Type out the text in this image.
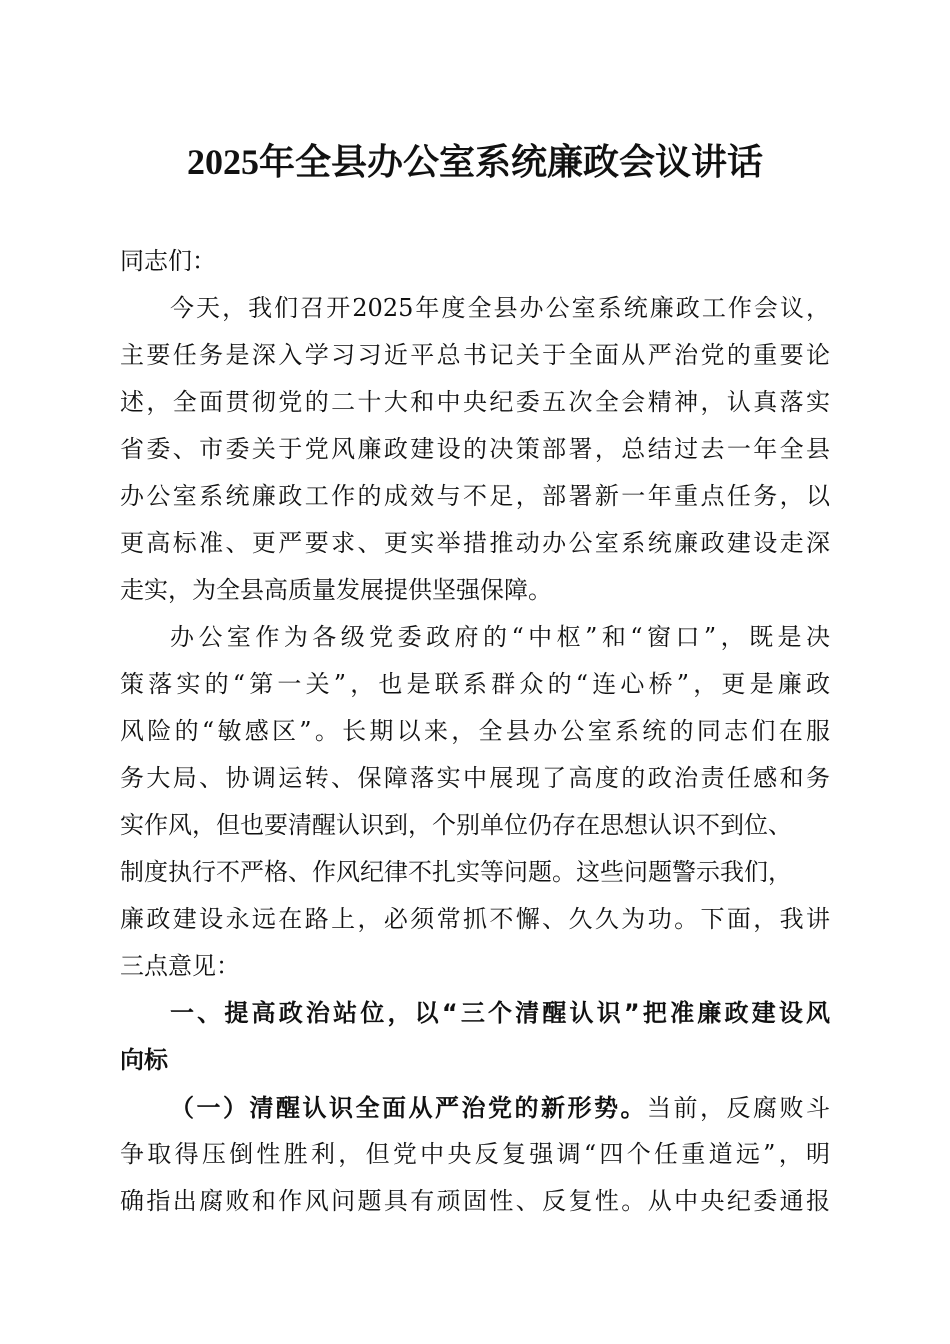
2025年全县办公室系统廉政会议讲话
同志们：
今天，我们召开2025年度全县办公室系统廉政工作会议，
主要任务是深入学习习近平总书记关于全面从严治党的重要论
述，全面贯彻党的二十大和中央纪委五次全会精神，认真落实
省委、市委关于党风廉政建设的决策部署，总结过去一年全县
办公室系统廉政工作的成效与不足，部署新一年重点任务，以
更高标准、更严要求、更实举措推动办公室系统廉政建设走深
走实，为全县高质量发展提供坚强保障。
办公室作为各级党委政府的“中枢”和“窗口”，既是决
策落实的“第一关”，也是联系群众的“连心桥”，更是廉政
风险的“敏感区”。长期以来，全县办公室系统的同志们在服
务大局、协调运转、保障落实中展现了高度的政治责任感和务
实作风，但也要清醒认识到，个别单位仍存在思想认识不到位、
制度执行不严格、作风纪律不扎实等问题。这些问题警示我们，
廉政建设永远在路上，必须常抓不懈、久久为功。下面，我讲
三点意见：
一、提高政治站位，以“三个清醒认识”把准廉政建设风
向标
（一）清醒认识全面从严治党的新形势。当前，反腐败斗
争取得压倒性胜利，但党中央反复强调“四个任重道远”，明
确指出腐败和作风问题具有顽固性、反复性。从中央纪委通报
